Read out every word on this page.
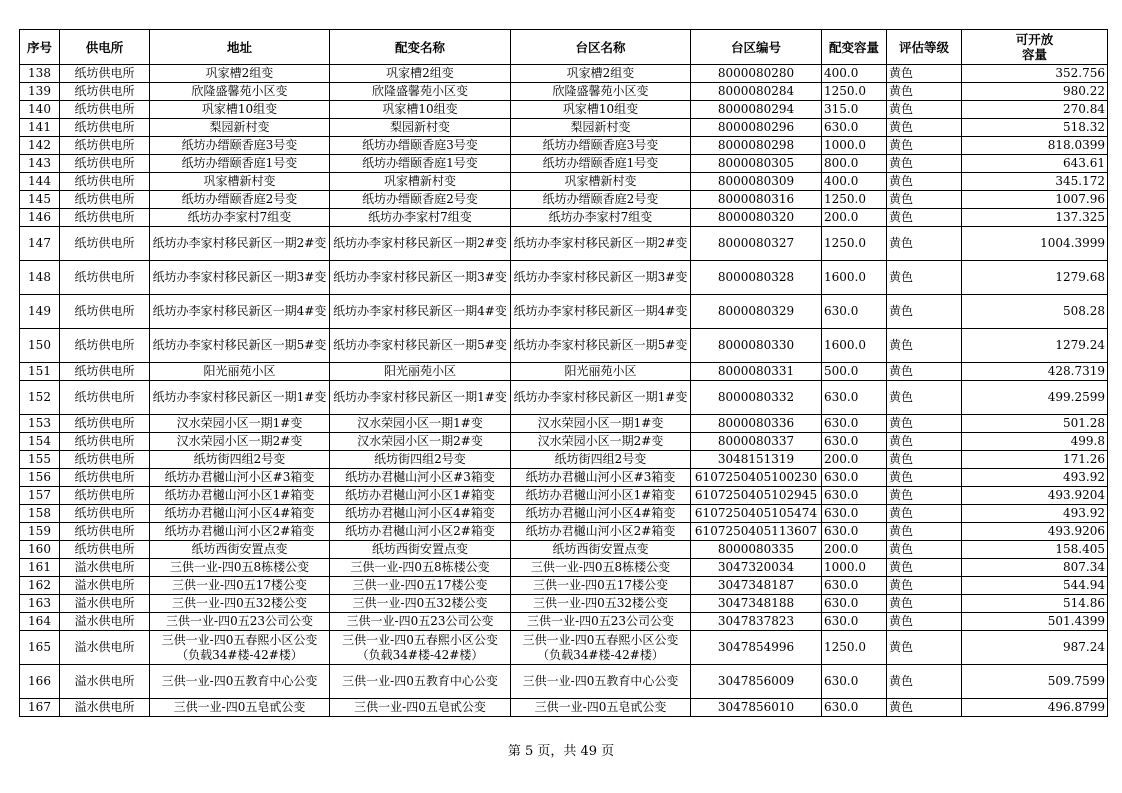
序号	供电所	地址	配变名称	台区名称	台区编号	配变容量	评估等级	可开放
容量
138	纸坊供电所	巩家槽2组变	巩家槽2组变	巩家槽2组变	8000080280	400.0	黄色	352.756
139	纸坊供电所	欣隆盛馨苑小区变	欣隆盛馨苑小区变	欣隆盛馨苑小区变	8000080284	1250.0	黄色	980.22
140	纸坊供电所	巩家槽10组变	巩家槽10组变	巩家槽10组变	8000080294	315.0	黄色	270.84
141	纸坊供电所	梨园新村变	梨园新村变	梨园新村变	8000080296	630.0	黄色	518.32
142	纸坊供电所	纸坊办缙颐香庭3号变	纸坊办缙颐香庭3号变	纸坊办缙颐香庭3号变	8000080298	1000.0	黄色	818.0399
143	纸坊供电所	纸坊办缙颐香庭1号变	纸坊办缙颐香庭1号变	纸坊办缙颐香庭1号变	8000080305	800.0	黄色	643.61
144	纸坊供电所	巩家槽新村变	巩家槽新村变	巩家槽新村变	8000080309	400.0	黄色	345.172
145	纸坊供电所	纸坊办缙颐香庭2号变	纸坊办缙颐香庭2号变	纸坊办缙颐香庭2号变	8000080316	1250.0	黄色	1007.96
146	纸坊供电所	纸坊办李家村7组变	纸坊办李家村7组变	纸坊办李家村7组变	8000080320	200.0	黄色	137.325
147	纸坊供电所	纸坊办李家村移民新区一期2#变	纸坊办李家村移民新区一期2#变	纸坊办李家村移民新区一期2#变	8000080327	1250.0	黄色	1004.3999
148	纸坊供电所	纸坊办李家村移民新区一期3#变	纸坊办李家村移民新区一期3#变	纸坊办李家村移民新区一期3#变	8000080328	1600.0	黄色	1279.68
149	纸坊供电所	纸坊办李家村移民新区一期4#变	纸坊办李家村移民新区一期4#变	纸坊办李家村移民新区一期4#变	8000080329	630.0	黄色	508.28
150	纸坊供电所	纸坊办李家村移民新区一期5#变	纸坊办李家村移民新区一期5#变	纸坊办李家村移民新区一期5#变	8000080330	1600.0	黄色	1279.24
151	纸坊供电所	阳光丽苑小区	阳光丽苑小区	阳光丽苑小区	8000080331	500.0	黄色	428.7319
152	纸坊供电所	纸坊办李家村移民新区一期1#变	纸坊办李家村移民新区一期1#变	纸坊办李家村移民新区一期1#变	8000080332	630.0	黄色	499.2599
153	纸坊供电所	汉水荣园小区一期1#变	汉水荣园小区一期1#变	汉水荣园小区一期1#变	8000080336	630.0	黄色	501.28
154	纸坊供电所	汉水荣园小区一期2#变	汉水荣园小区一期2#变	汉水荣园小区一期2#变	8000080337	630.0	黄色	499.8
155	纸坊供电所	纸坊街四组2号变	纸坊街四组2号变	纸坊街四组2号变	3048151319	200.0	黄色	171.26
156	纸坊供电所	纸坊办君樾山河小区#3箱变	纸坊办君樾山河小区#3箱变	纸坊办君樾山河小区#3箱变	6107250405100230	630.0	黄色	493.92
157	纸坊供电所	纸坊办君樾山河小区1#箱变	纸坊办君樾山河小区1#箱变	纸坊办君樾山河小区1#箱变	6107250405102945	630.0	黄色	493.9204
158	纸坊供电所	纸坊办君樾山河小区4#箱变	纸坊办君樾山河小区4#箱变	纸坊办君樾山河小区4#箱变	6107250405105474	630.0	黄色	493.92
159	纸坊供电所	纸坊办君樾山河小区2#箱变	纸坊办君樾山河小区2#箱变	纸坊办君樾山河小区2#箱变	6107250405113607	630.0	黄色	493.9206
160	纸坊供电所	纸坊西街安置点变	纸坊西街安置点变	纸坊西街安置点变	8000080335	200.0	黄色	158.405
161	溢水供电所	三供一业-四0五8栋楼公变	三供一业-四0五8栋楼公变	三供一业-四0五8栋楼公变	3047320034	1000.0	黄色	807.34
162	溢水供电所	三供一业-四0五17楼公变	三供一业-四0五17楼公变	三供一业-四0五17楼公变	3047348187	630.0	黄色	544.94
163	溢水供电所	三供一业-四0五32楼公变	三供一业-四0五32楼公变	三供一业-四0五32楼公变	3047348188	630.0	黄色	514.86
164	溢水供电所	三供一业-四0五23公司公变	三供一业-四0五23公司公变	三供一业-四0五23公司公变	3047837823	630.0	黄色	501.4399
165	溢水供电所	三供一业-四0五春熙小区公变（负载34#楼-42#楼）	三供一业-四0五春熙小区公变（负载34#楼-42#楼）	三供一业-四0五春熙小区公变（负载34#楼-42#楼）	3047854996	1250.0	黄色	987.24
166	溢水供电所	三供一业-四0五教育中心公变	三供一业-四0五教育中心公变	三供一业-四0五教育中心公变	3047856009	630.0	黄色	509.7599
167	溢水供电所	三供一业-四0五皂甙公变	三供一业-四0五皂甙公变	三供一业-四0五皂甙公变	3047856010	630.0	黄色	496.8799
第 5 页，共 49 页
